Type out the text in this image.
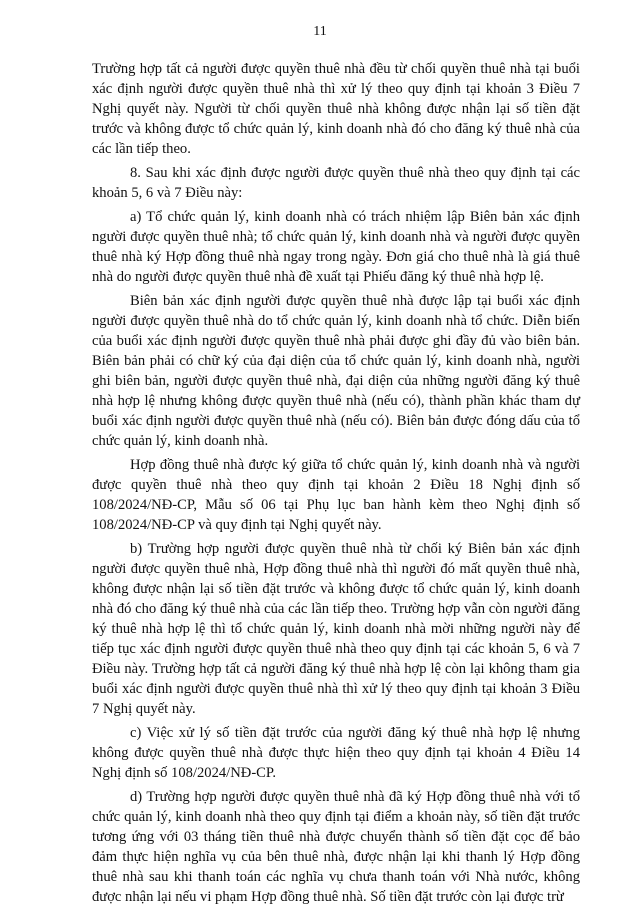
11

Trường hợp tất cả người được quyền thuê nhà đều từ chối quyền thuê nhà tại buổi xác định người được quyền thuê nhà thì xử lý theo quy định tại khoản 3 Điều 7 Nghị quyết này. Người từ chối quyền thuê nhà không được nhận lại số tiền đặt trước và không được tổ chức quản lý, kinh doanh nhà đó cho đăng ký thuê nhà của các lần tiếp theo.

8. Sau khi xác định được người được quyền thuê nhà theo quy định tại các khoản 5, 6 và 7 Điều này:

a) Tổ chức quản lý, kinh doanh nhà có trách nhiệm lập Biên bản xác định người được quyền thuê nhà; tổ chức quản lý, kinh doanh nhà và người được quyền thuê nhà ký Hợp đồng thuê nhà ngay trong ngày. Đơn giá cho thuê nhà là giá thuê nhà do người được quyền thuê nhà đề xuất tại Phiếu đăng ký thuê nhà hợp lệ.

Biên bản xác định người được quyền thuê nhà được lập tại buổi xác định người được quyền thuê nhà do tổ chức quản lý, kinh doanh nhà tổ chức. Diễn biến của buổi xác định người được quyền thuê nhà phải được ghi đầy đủ vào biên bản. Biên bản phải có chữ ký của đại diện của tổ chức quản lý, kinh doanh nhà, người ghi biên bản, người được quyền thuê nhà, đại diện của những người đăng ký thuê nhà hợp lệ nhưng không được quyền thuê nhà (nếu có), thành phần khác tham dự buổi xác định người được quyền thuê nhà (nếu có). Biên bản được đóng dấu của tổ chức quản lý, kinh doanh nhà.

Hợp đồng thuê nhà được ký giữa tổ chức quản lý, kinh doanh nhà và người được quyền thuê nhà theo quy định tại khoản 2 Điều 18 Nghị định số 108/2024/NĐ-CP, Mẫu số 06 tại Phụ lục ban hành kèm theo Nghị định số 108/2024/NĐ-CP và quy định tại Nghị quyết này.

b) Trường hợp người được quyền thuê nhà từ chối ký Biên bản xác định người được quyền thuê nhà, Hợp đồng thuê nhà thì người đó mất quyền thuê nhà, không được nhận lại số tiền đặt trước và không được tổ chức quản lý, kinh doanh nhà đó cho đăng ký thuê nhà của các lần tiếp theo. Trường hợp vẫn còn người đăng ký thuê nhà hợp lệ thì tổ chức quản lý, kinh doanh nhà mời những người này để tiếp tục xác định người được quyền thuê nhà theo quy định tại các khoản 5, 6 và 7 Điều này. Trường hợp tất cả người đăng ký thuê nhà hợp lệ còn lại không tham gia buổi xác định người được quyền thuê nhà thì xử lý theo quy định tại khoản 3 Điều 7 Nghị quyết này.

c) Việc xử lý số tiền đặt trước của người đăng ký thuê nhà hợp lệ nhưng không được quyền thuê nhà được thực hiện theo quy định tại khoản 4 Điều 14 Nghị định số 108/2024/NĐ-CP.

d) Trường hợp người được quyền thuê nhà đã ký Hợp đồng thuê nhà với tổ chức quản lý, kinh doanh nhà theo quy định tại điểm a khoản này, số tiền đặt trước tương ứng với 03 tháng tiền thuê nhà được chuyển thành số tiền đặt cọc để bảo đảm thực hiện nghĩa vụ của bên thuê nhà, được nhận lại khi thanh lý Hợp đồng thuê nhà sau khi thanh toán các nghĩa vụ chưa thanh toán với Nhà nước, không được nhận lại nếu vi phạm Hợp đồng thuê nhà. Số tiền đặt trước còn lại được trừ
